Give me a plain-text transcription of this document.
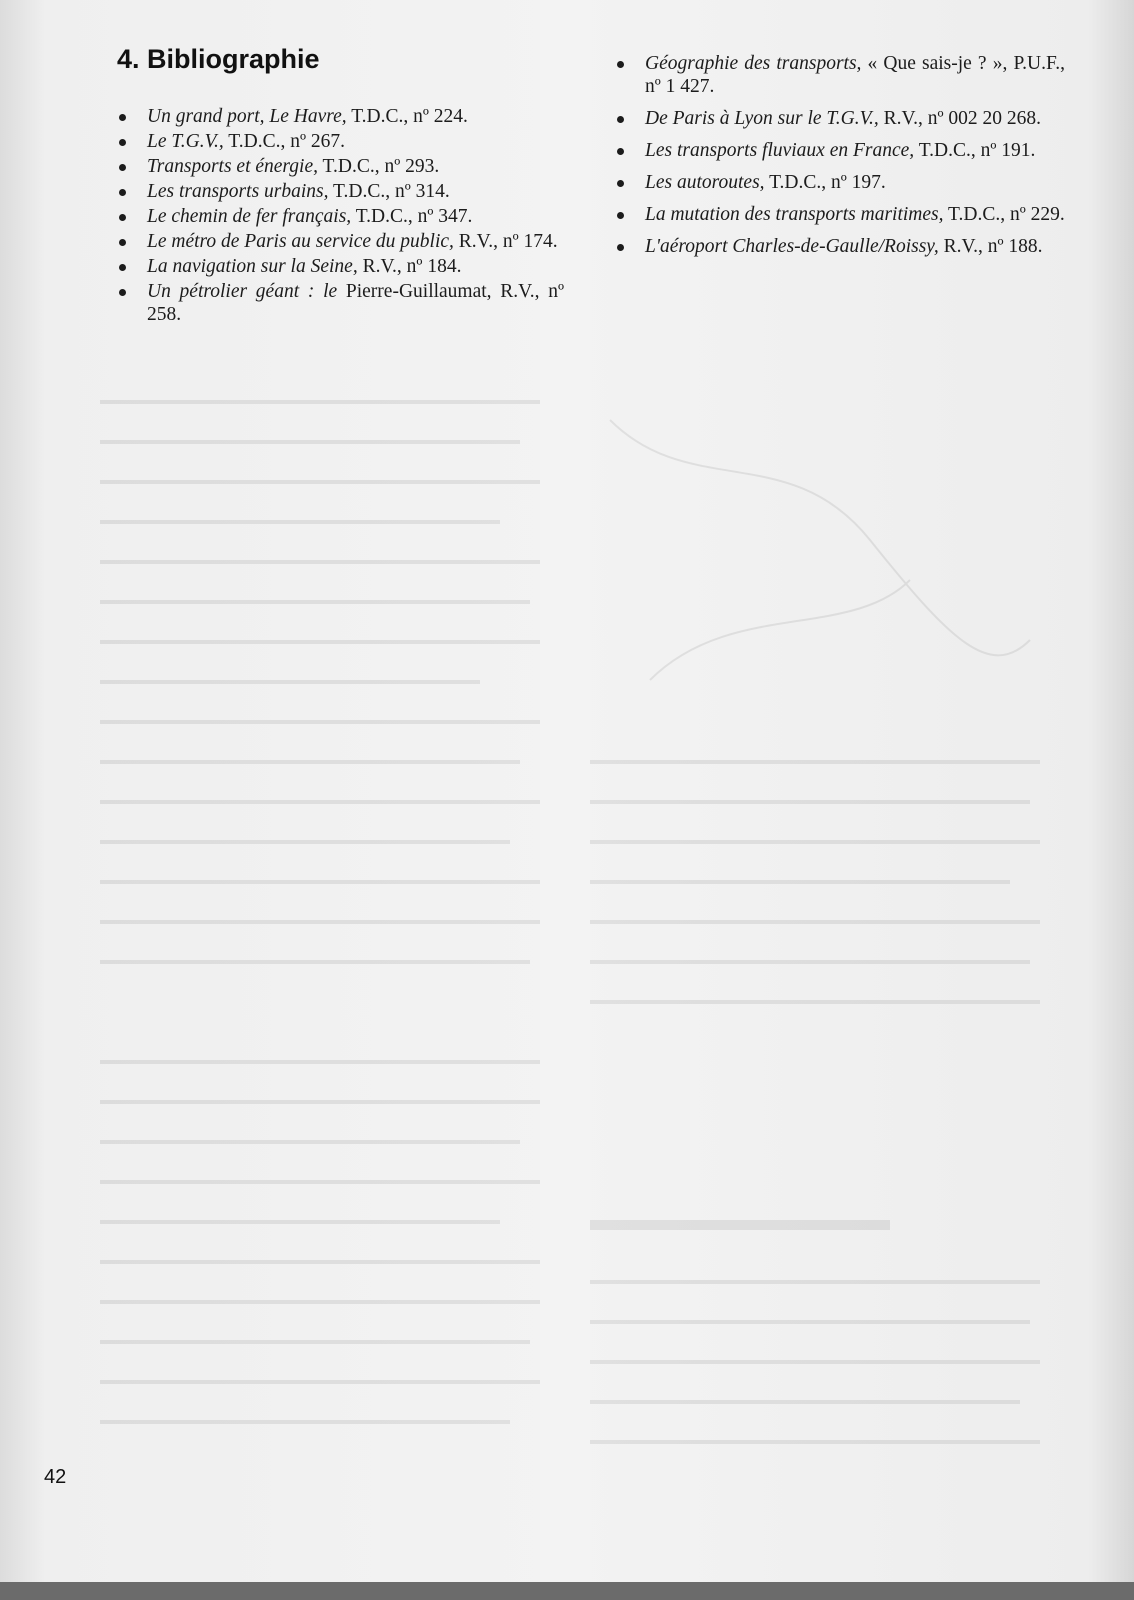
4. Bibliographie
Un grand port, Le Havre, T.D.C., nº 224.
Le T.G.V., T.D.C., nº 267.
Transports et énergie, T.D.C., nº 293.
Les transports urbains, T.D.C., nº 314.
Le chemin de fer français, T.D.C., nº 347.
Le métro de Paris au service du public, R.V., nº 174.
La navigation sur la Seine, R.V., nº 184.
Un pétrolier géant : le Pierre-Guillaumat, R.V., nº 258.
Géographie des transports, « Que sais-je ? », P.U.F., nº 1 427.
De Paris à Lyon sur le T.G.V., R.V., nº 002 20 268.
Les transports fluviaux en France, T.D.C., nº 191.
Les autoroutes, T.D.C., nº 197.
La mutation des transports maritimes, T.D.C., nº 229.
L'aéroport Charles-de-Gaulle/Roissy, R.V., nº 188.
42
